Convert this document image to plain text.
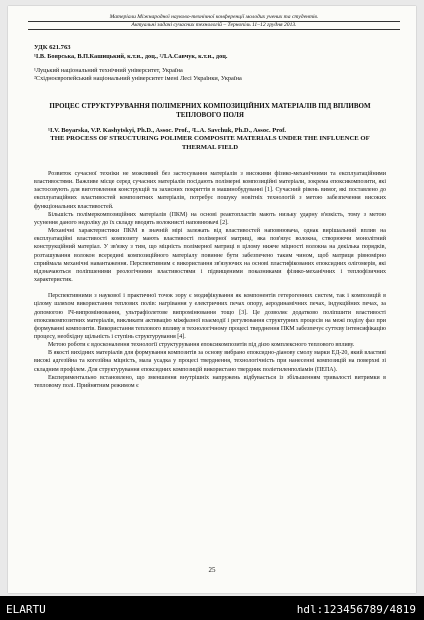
Матеріали Міжнародної науково-технічної конференції молодих учених та студентів.
Актуальні задачі сучасних технологій – Тернопіль 11–12 грудня 2013.
УДК 621.763
¹І.В. Боярська, В.П.Кашицький, к.т.н., доц., ²Л.А.Савчук, к.т.н., доц.
¹Луцький національний технічний університет, Україна
²Східноєвропейський національний університет імені Лесі Українки, Україна
ПРОЦЕС СТРУКТУРУВАННЯ ПОЛІМЕРНИХ КОМПОЗИЦІЙНИХ МАТЕРІАЛІВ ПІД ВПЛИВОМ ТЕПЛОВОГО ПОЛЯ
¹I.V. Boyarska, V.P. Kashytskyi, Ph.D., Assoc. Prof., ²L.A. Savchuk, Ph.D., Assoc. Prof.
THE PROCESS OF STRUCTURING POLIMER COMPOSITE MATERIALS UNDER THE INFLUENCE OF THERMAL FIELD

Розвиток сучасної техніки не можливий без застосування матеріалів з високими фізико-механічними та експлуатаційними властивостями. Важливе місце серед сучасних матеріалів посідають полімерні композиційні матеріали, зокрема епоксикомпозити, які застосовують для виготовлення конструкцій та захисних покриттів в машинобудуванні [1]. Сучасний рівень вимог, які поставлено до експлуатаційних властивостей композитних матеріалів, потребує пошуку новітніх технологій з метою забезпечення високих функціональних властивостей.

Більшість полімеркомпозиційних матеріалів (ПКМ) на основі реактопластів мають низьку ударну в'язкість, тому з метою усунення даного недоліку до їх складу вводять волокнисті наповнювачі [2].

Механічні характеристики ПКМ в значній мірі залежать від властивостей наповнювача, однак вирішальний вплив на експлуатаційні властивості композиту мають властивості полімерної матриці, яка пов'язує волокна, створюючи монолітний конструкційний матеріал. У зв'язку з тим, що міцність полімерної матриці в цілому нижче міцності волокна на декілька порядків, розташування волокон всередині композиційного матеріалу повинне бути забезпечено таким чином, щоб матриця рівномірно сприймала механічні навантаження. Перспективним є використання зв'язуючих на основі пластифікованих епоксидних олігомерів, які відзначаються поліпшеними реологічними властивостями і підвищеними показниками фізико-механічних і теплофізичних характеристик.

Перспективними з наукової і практичної точок зору є модифікування як компонентів гетерогенних систем, так і композицій в цілому шляхом використання теплових полів: нагрівання у електричних печах опору, аеродинамічних печах, індукційних печах, за допомогою ІЧ-випромінювання, ультрафіолетове випромінювання тощо [3]. Це дозволяє додатково поліпшити властивості епоксикомпозитних матеріалів, викликати активацію міжфазної взаємодії і регулювання структурних процесів на межі поділу фаз при формуванні композитів. Використання теплового впливу в технологічному процесі тверднення ПКМ забезпечує суттєву інтенсифікацію процесу, необхідну щільність і ступінь структурування [4].

Метою роботи є вдосконалення технології структурування епоксикомпозитів під дією комплексного теплового впливу.

В якості вихідних матеріалів для формування композитів за основу вибрано епоксидно-діанову смолу марки ЕД-20, який властиві високі адгезійна та когезійна міцність, мала усадка у процесі тверднення, технологічність при нанесенні композицій на поверхні зі складним профілем. Для структурування епоксидних композицій використано твердник поліетиленполіамін (ПЕПА).

Експериментально встановлено, що зменшення внутрішніх напружень відбувається із збільшенням тривалості витримки в тепловому полі. Прийнятним режимом є

25
ELARTU	hdl:123456789/4819
